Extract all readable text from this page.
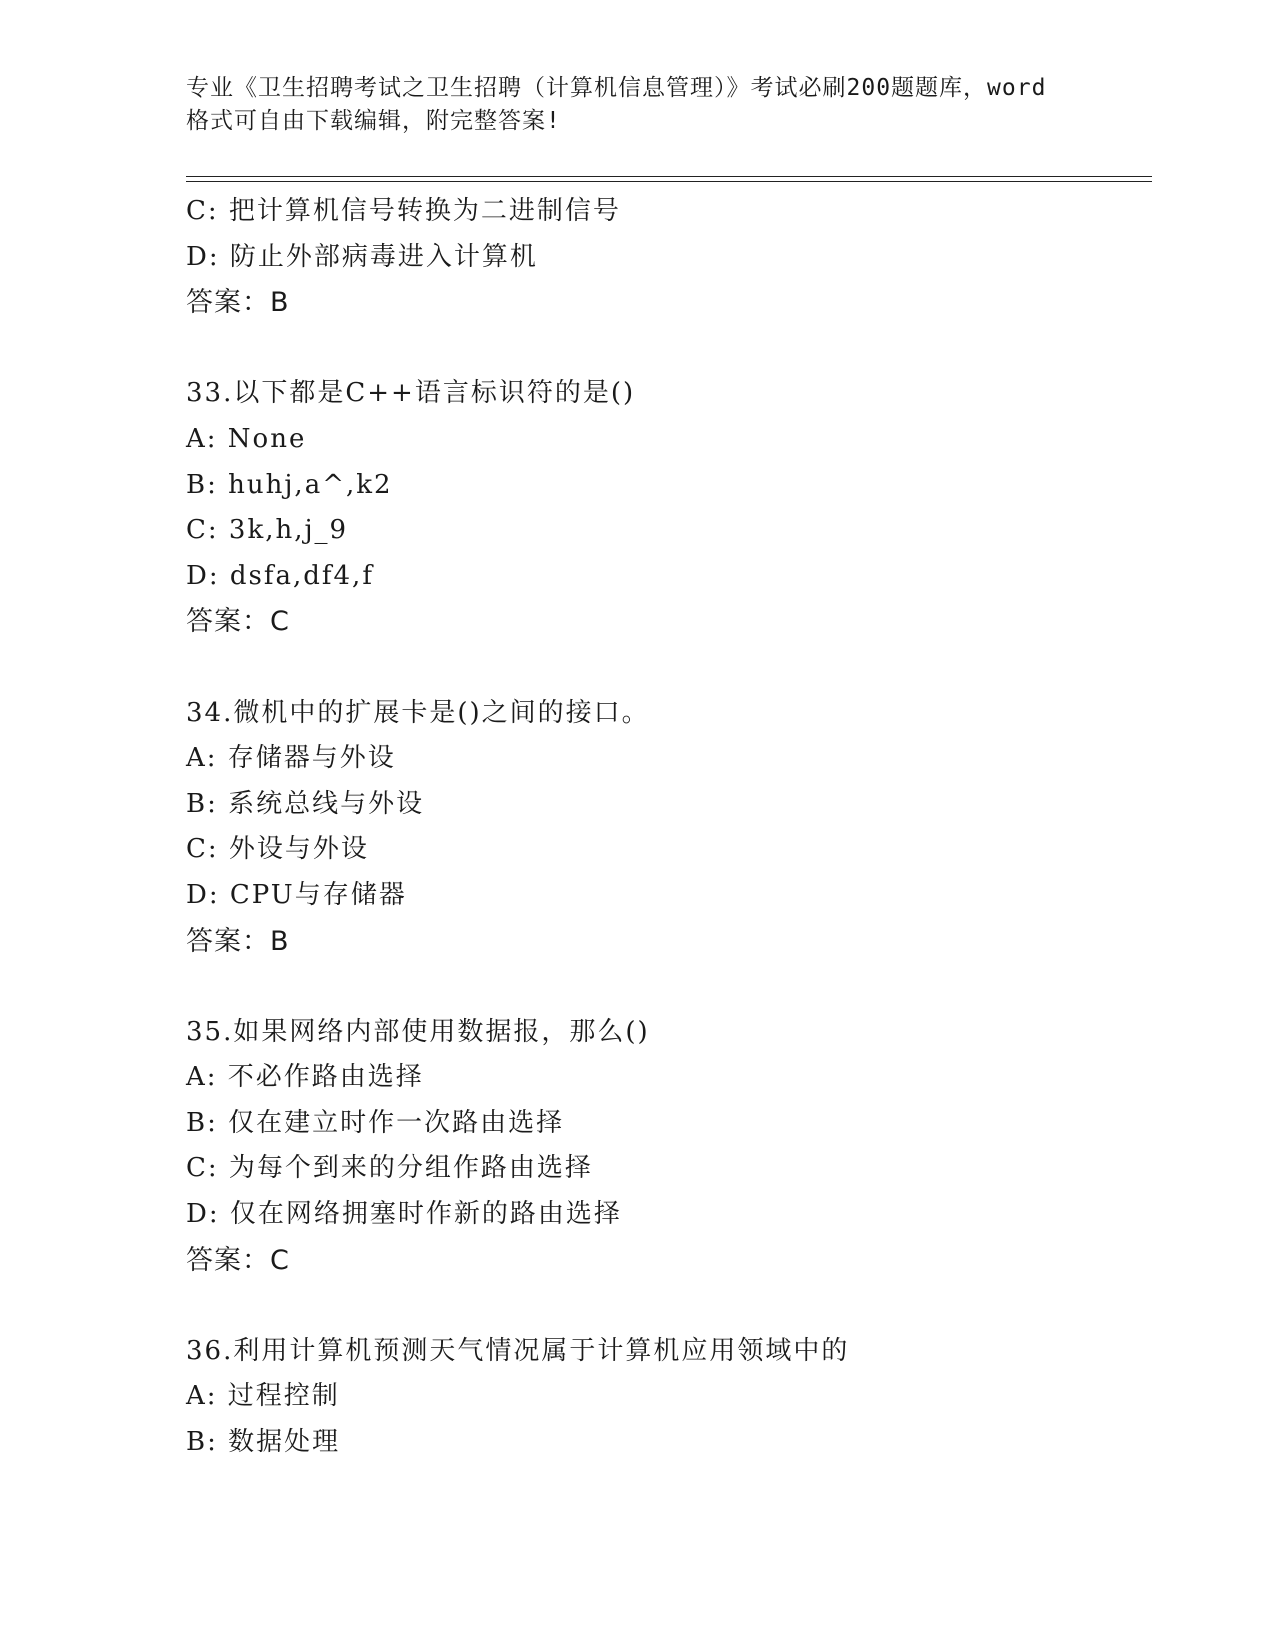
专业《卫生招聘考试之卫生招聘（计算机信息管理）》考试必刷200题题库，word

格式可自由下载编辑，附完整答案!

C: 把计算机信号转换为二进制信号
D: 防止外部病毒进入计算机
答案：B
33.以下都是C++语言标识符的是()
A: None
B: huhj,a^,k2
C: 3k,h,j_9
D: dsfa,df4,f
答案：C
34.微机中的扩展卡是()之间的接口。
A: 存储器与外设
B: 系统总线与外设
C: 外设与外设
D: CPU与存储器
答案：B
35.如果网络内部使用数据报，那么()
A: 不必作路由选择
B: 仅在建立时作一次路由选择
C: 为每个到来的分组作路由选择
D: 仅在网络拥塞时作新的路由选择
答案：C
36.利用计算机预测天气情况属于计算机应用领域中的
A: 过程控制
B: 数据处理
